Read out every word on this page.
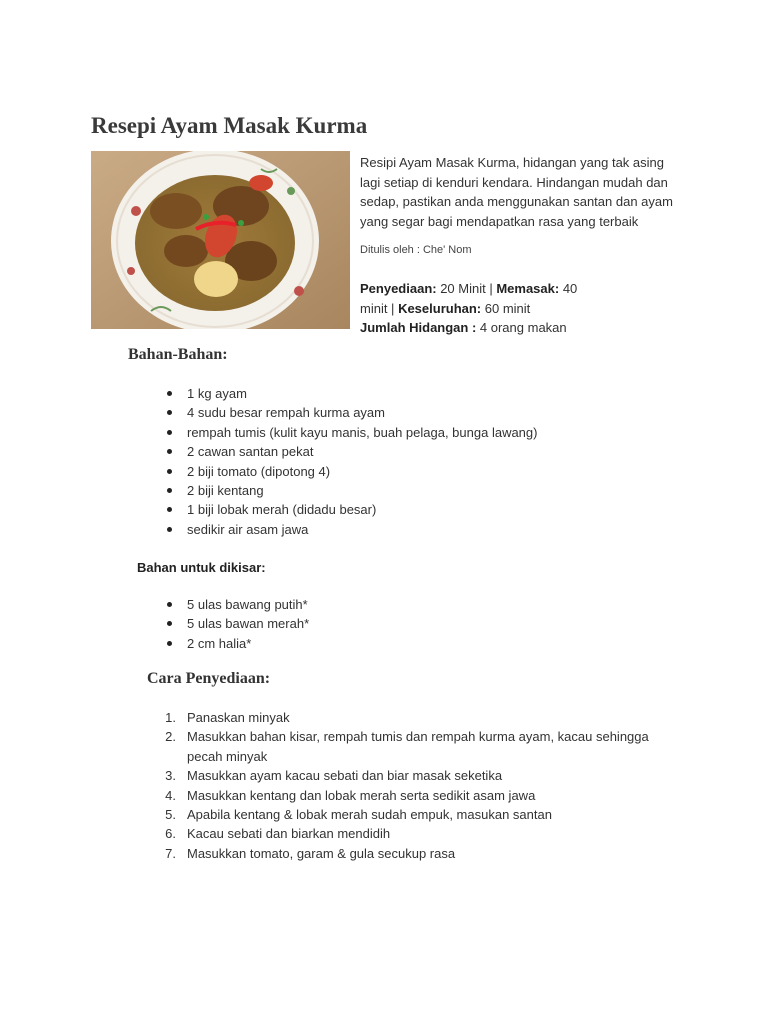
Resepi Ayam Masak Kurma

Resipi Ayam Masak Kurma, hidangan yang tak asing lagi setiap di kenduri kendara. Hindangan mudah dan sedap, pastikan anda menggunakan santan dan ayam yang segar bagi mendapatkan rasa yang terbaik

Ditulis oleh : Che' Nom

Penyediaan: 20 Minit | Memasak: 40 minit | Keseluruhan: 60 minit
Jumlah Hidangan : 4 orang makan

Bahan-Bahan:
1 kg ayam
4 sudu besar rempah kurma ayam
rempah tumis (kulit kayu manis, buah pelaga, bunga lawang)
2 cawan santan pekat
2 biji tomato (dipotong 4)
2 biji kentang
1 biji lobak merah (didadu besar)
sedikir air asam jawa
Bahan untuk dikisar:
5 ulas bawang putih*
5 ulas bawan merah*
2 cm halia*
Cara Penyediaan:
1. Panaskan minyak
2. Masukkan bahan kisar, rempah tumis dan rempah kurma ayam, kacau sehingga pecah minyak
3. Masukkan ayam kacau sebati dan biar masak seketika
4. Masukkan kentang dan lobak merah serta sedikit asam jawa
5. Apabila kentang & lobak merah sudah empuk, masukan santan
6. Kacau sebati dan biarkan mendidih
7. Masukkan tomato, garam & gula secukup rasa
